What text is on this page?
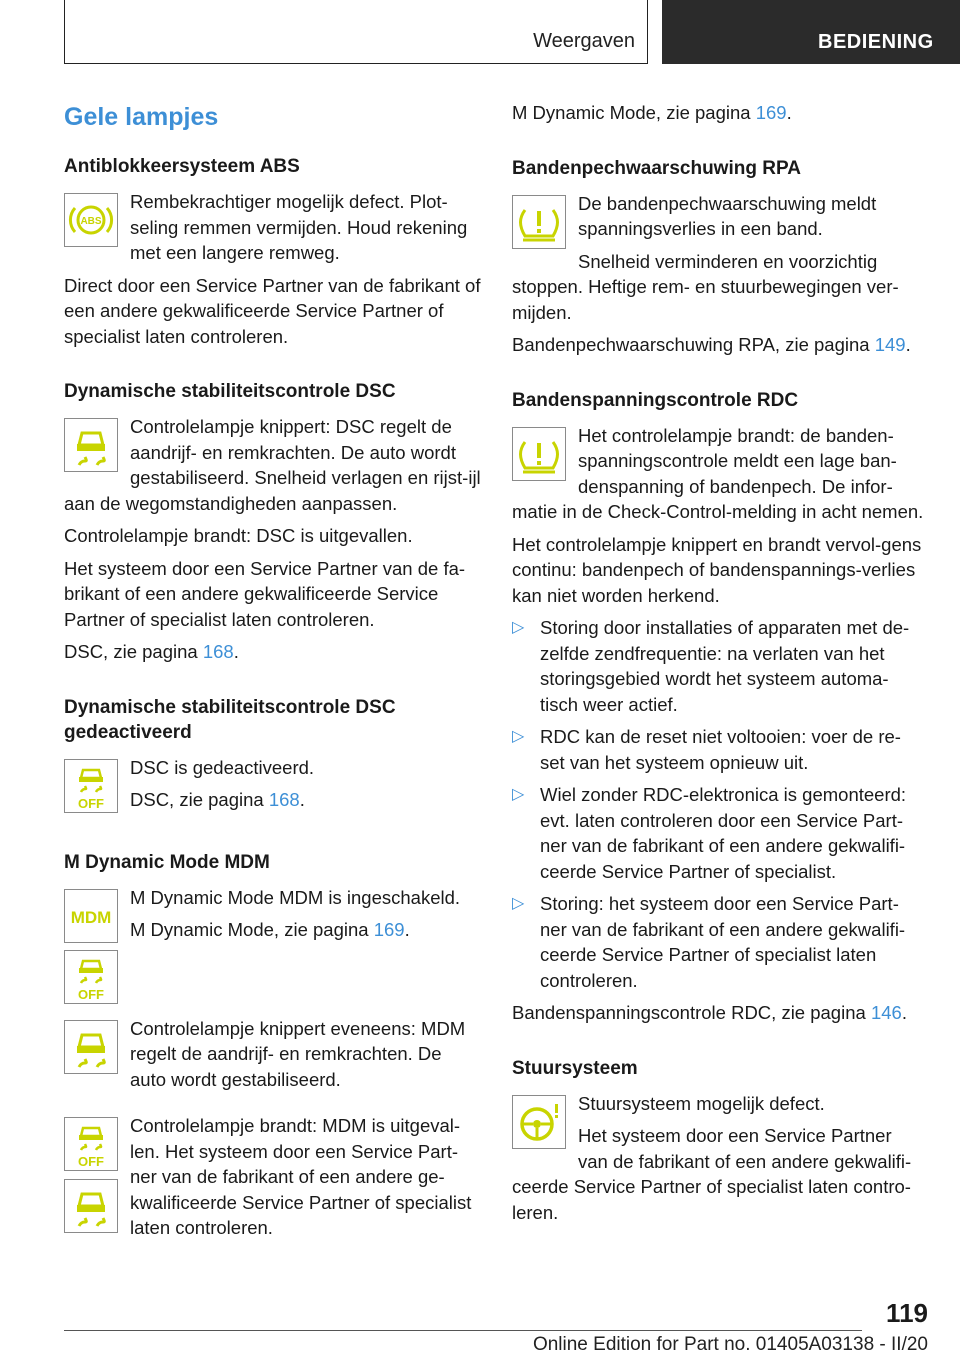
Weergaven	BEDIENING
Gele lampjes
Antiblokkeersysteem ABS
ABS

Rembekrachtiger mogelijk defect. Plot-seling remmen vermijden. Houd rekening met een langere remweg.

Direct door een Service Partner van de fabrikant of een andere gekwalificeerde Service Partner of specialist laten controleren.

Dynamische stabiliteitscontrole DSC

Controlelampje knippert: DSC regelt de aandrijf- en remkrachten. De auto wordt gestabiliseerd. Snelheid verlagen en rijst-ijl aan de wegomstandigheden aanpassen.

Controlelampje brandt: DSC is uitgevallen.

Het systeem door een Service Partner van de fa-brikant of een andere gekwalificeerde Service Partner of specialist laten controleren.

DSC, zie pagina 168.

Dynamische stabiliteitscontrole DSC gedeactiveerd
OFF

DSC is gedeactiveerd.

DSC, zie pagina 168.

M Dynamic Mode MDM
MDM

M Dynamic Mode MDM is ingeschakeld.

M Dynamic Mode, zie pagina 169.

OFF

Controlelampje knippert eveneens: MDM regelt de aandrijf- en remkrachten. De auto wordt gestabiliseerd.

OFF

Controlelampje brandt: MDM is uitgeval-len. Het systeem door een Service Part-ner van de fabrikant of een andere ge-kwalificeerde Service Partner of specialist laten controleren.

M Dynamic Mode, zie pagina 169.

Bandenpechwaarschuwing RPA

De bandenpechwaarschuwing meldt spanningsverlies in een band.

Snelheid verminderen en voorzichtig stoppen. Heftige rem- en stuurbewegingen ver-mijden.

Bandenpechwaarschuwing RPA, zie pagina 149.

Bandenspanningscontrole RDC

Het controlelampje brandt: de banden-spanningscontrole meldt een lage ban-denspanning of bandenpech. De infor-matie in de Check-Control-melding in acht nemen.

Het controlelampje knippert en brandt vervol-gens continu: bandenpech of bandenspannings-verlies kan niet worden herkend.

▷ Storing door installaties of apparaten met de-zelfde zendfrequentie: na verlaten van het storingsgebied wordt het systeem automa-tisch weer actief.

▷ RDC kan de reset niet voltooien: voer de re-set van het systeem opnieuw uit.

▷ Wiel zonder RDC-elektronica is gemonteerd: evt. laten controleren door een Service Part-ner van de fabrikant of een andere gekwalifi-ceerde Service Partner of specialist.

▷ Storing: het systeem door een Service Part-ner van de fabrikant of een andere gekwalifi-ceerde Service Partner of specialist laten controleren.

Bandenspanningscontrole RDC, zie pagina 146.

Stuursysteem

Stuursysteem mogelijk defect.

Het systeem door een Service Partner van de fabrikant of een andere gekwalifi-ceerde Service Partner of specialist laten contro-leren.

119
Online Edition for Part no. 01405A03138 - II/20
